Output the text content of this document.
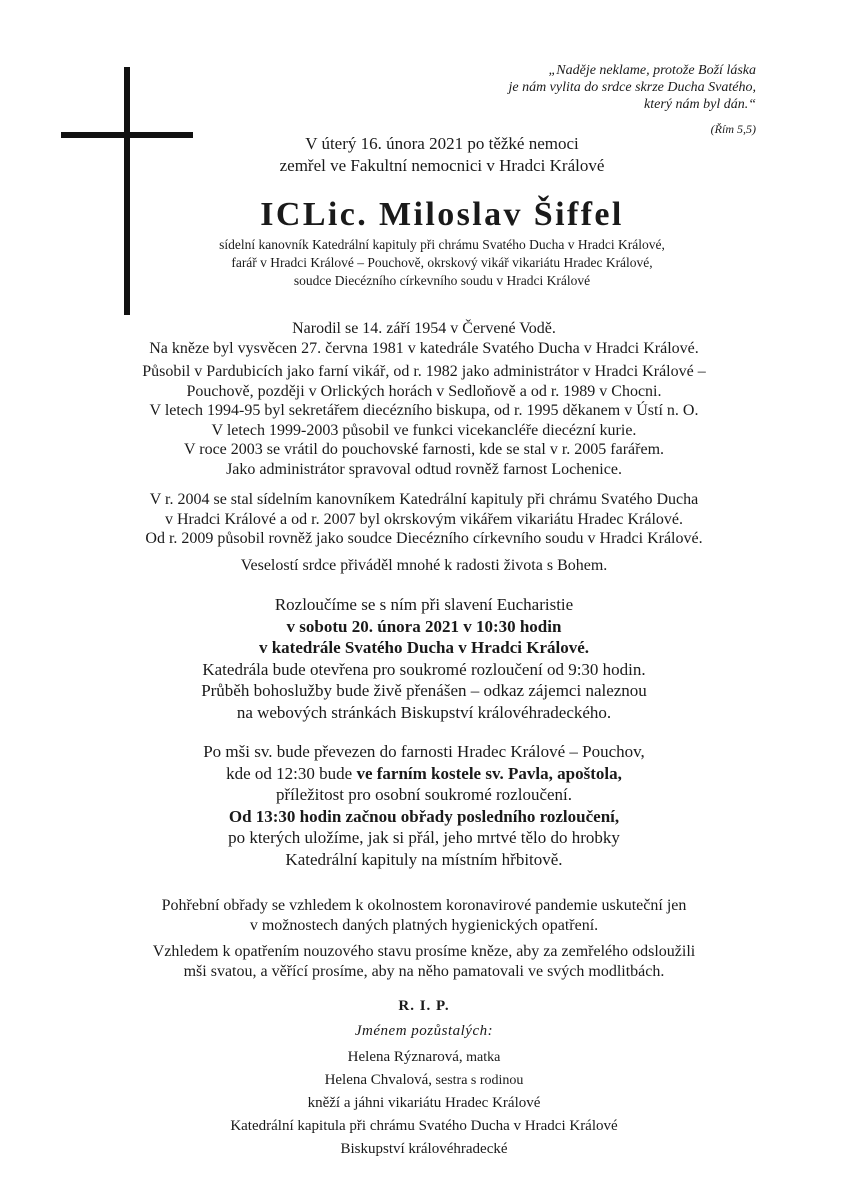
„Naděje neklame, protože Boží láska
je nám vylita do srdce skrze Ducha Svatého,
který nám byl dán.“
(Řím 5,5)
V úterý 16. února 2021 po těžké nemoci
zemřel ve Fakultní nemocnici v Hradci Králové
ICLic. Miloslav Šiffel
sídelní kanovník Katedrální kapituly při chrámu Svatého Ducha v Hradci Králové,
farář v Hradci Králové – Pouchově, okrskový vikář vikariátu Hradec Králové,
soudce Diecézního církevního soudu v Hradci Králové
Narodil se 14. září 1954 v Červené Vodě.
Na kněze byl vysvěcen 27. června 1981 v katedrále Svatého Ducha v Hradci Králové.
Působil v Pardubicích jako farní vikář, od r. 1982 jako administrátor v Hradci Králové –
Pouchově, později v Orlických horách v Sedloňově a od r. 1989 v Chocni.
V letech 1994-95 byl sekretářem diecézního biskupa, od r. 1995 děkanem v Ústí n. O.
V letech 1999-2003 působil ve funkci vicekancléře diecézní kurie.
V roce 2003 se vrátil do pouchovské farnosti, kde se stal v r. 2005 farářem.
Jako administrátor spravoval odtud rovněž farnost Lochenice.
V r. 2004 se stal sídelním kanovníkem Katedrální kapituly při chrámu Svatého Ducha
v Hradci Králové a od r. 2007 byl okrskovým vikářem vikariátu Hradec Králové.
Od r. 2009 působil rovněž jako soudce Diecézního církevního soudu v Hradci Králové.
Veselostí srdce přiváděl mnohé k radosti života s Bohem.
Rozloučíme se s ním při slavení Eucharistie
v sobotu 20. února 2021 v 10:30 hodin
v katedrále Svatého Ducha v Hradci Králové.
Katedrála bude otevřena pro soukromé rozloučení od 9:30 hodin.
Průběh bohoslužby bude živě přenášen – odkaz zájemci naleznou
na webových stránkách Biskupství královéhradeckého.
Po mši sv. bude převezen do farnosti Hradec Králové – Pouchov,
kde od 12:30 bude ve farním kostele sv. Pavla, apoštola,
příležitost pro osobní soukromé rozloučení.
Od 13:30 hodin začnou obřady posledního rozloučení,
po kterých uložíme, jak si přál, jeho mrtvé tělo do hrobky
Katedrální kapituly na místním hřbitově.
Pohřební obřady se vzhledem k okolnostem koronavirové pandemie uskuteční jen
v možnostech daných platných hygienických opatření.
Vzhledem k opatřením nouzového stavu prosíme kněze, aby za zemřelého odsloužili
mši svatou, a věřící prosíme, aby na něho pamatovali ve svých modlitbách.
R. I. P.
Jménem pozůstalých:
Helena Rýznarová, matka
Helena Chvalová, sestra s rodinou
kněží a jáhni vikariátu Hradec Králové
Katedrální kapitula při chrámu Svatého Ducha v Hradci Králové
Biskupství královéhradecké
